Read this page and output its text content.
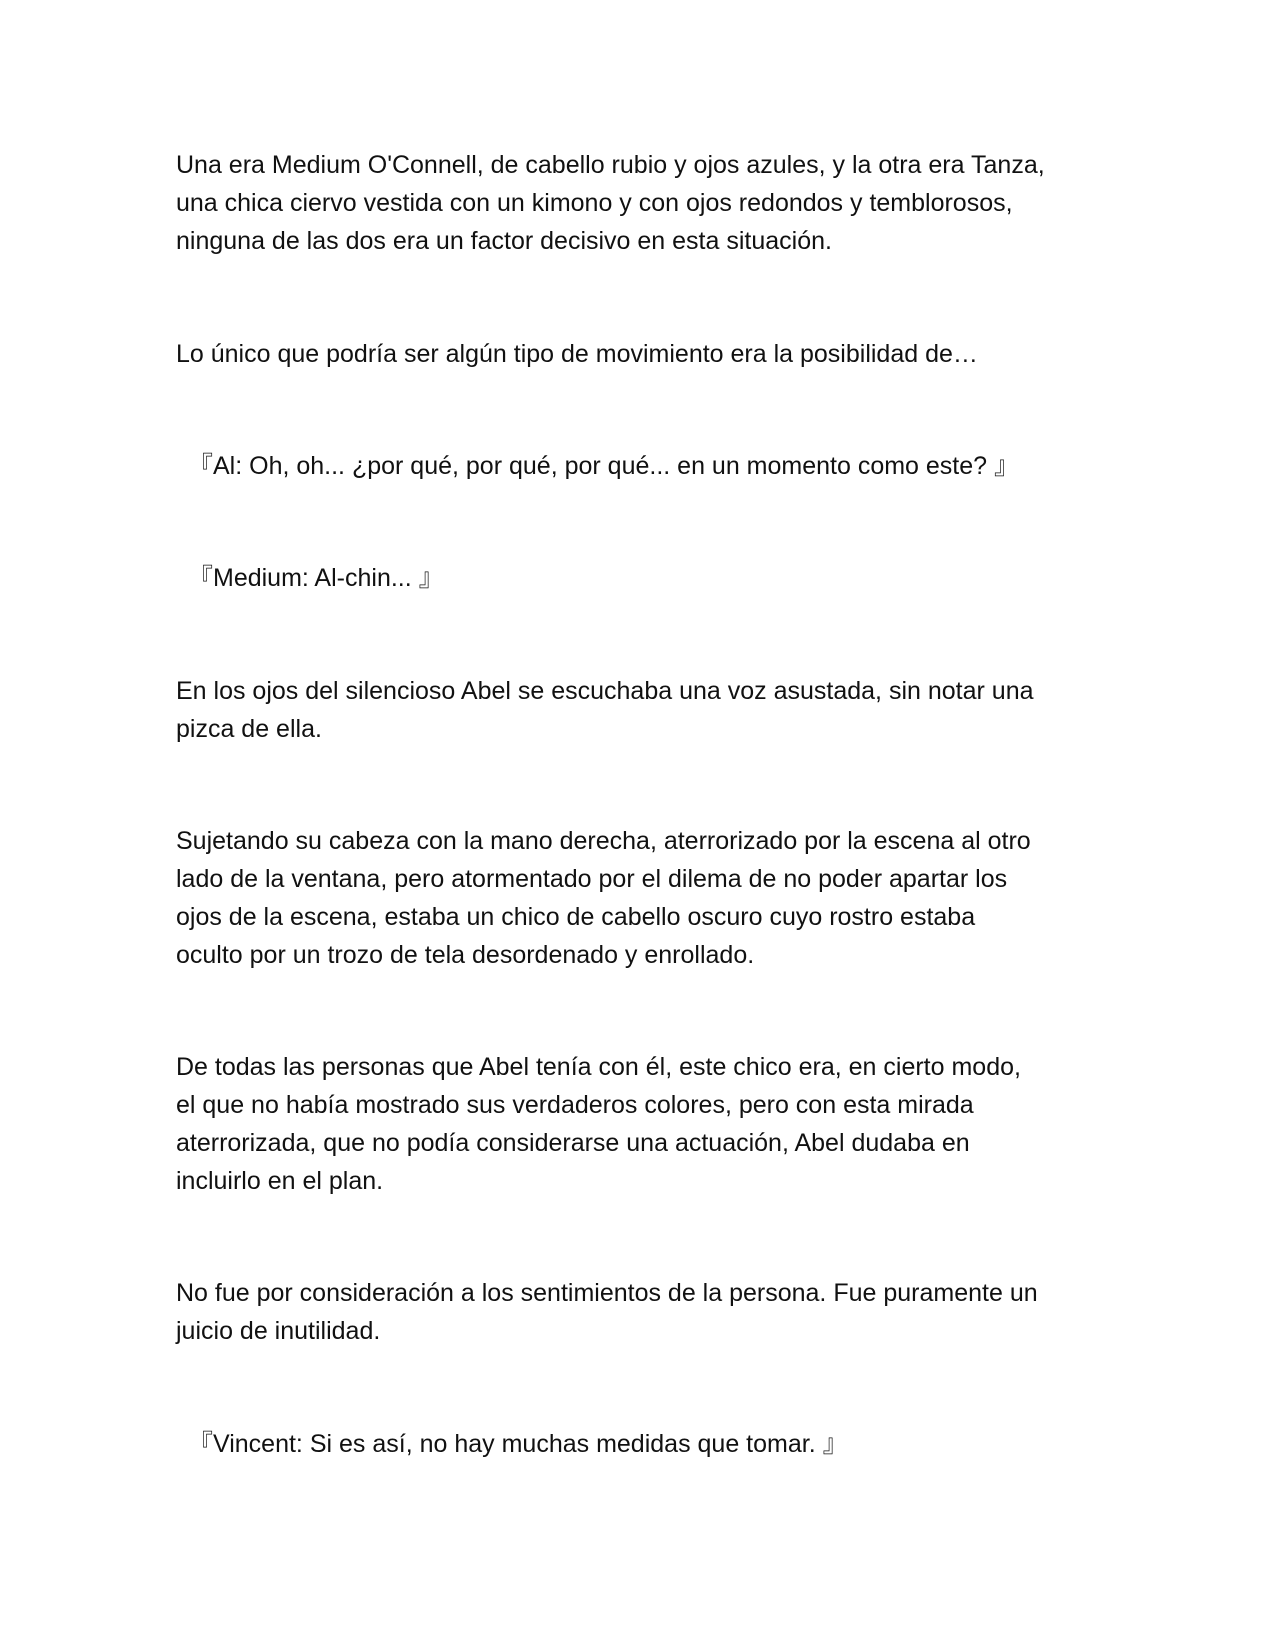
Una era Medium O'Connell, de cabello rubio y ojos azules, y la otra era Tanza,
una chica ciervo vestida con un kimono y con ojos redondos y temblorosos,
ninguna de las dos era un factor decisivo en esta situación.
Lo único que podría ser algún tipo de movimiento era la posibilidad de…
『Al: Oh, oh... ¿por qué, por qué, por qué... en un momento como este? 』
『Medium: Al-chin... 』
En los ojos del silencioso Abel se escuchaba una voz asustada, sin notar una
pizca de ella.
Sujetando su cabeza con la mano derecha, aterrorizado por la escena al otro
lado de la ventana, pero atormentado por el dilema de no poder apartar los
ojos de la escena, estaba un chico de cabello oscuro cuyo rostro estaba
oculto por un trozo de tela desordenado y enrollado.
De todas las personas que Abel tenía con él, este chico era, en cierto modo,
el que no había mostrado sus verdaderos colores, pero con esta mirada
aterrorizada, que no podía considerarse una actuación, Abel dudaba en
incluirlo en el plan.
No fue por consideración a los sentimientos de la persona. Fue puramente un
juicio de inutilidad.
『Vincent: Si es así, no hay muchas medidas que tomar. 』
